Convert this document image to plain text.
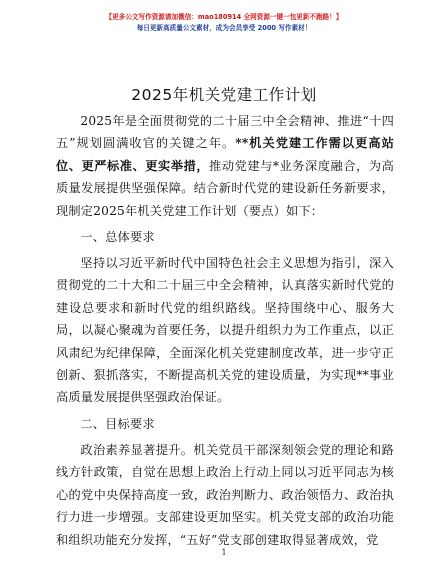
【更多公文写作资源请加微信：mao180914 全网资源一键一包更新不跑路！】
每日更新高质量公文素材，成为会员享受 2000 写作素材！
2025年机关党建工作计划

2025年是全面贯彻党的二十届三中全会精神、推进“十四五”规划圆满收官的关键之年。**机关党建工作需以更高站位、更严标准、更实举措，推动党建与*业务深度融合，为高质量发展提供坚强保障。结合新时代党的建设新任务新要求，现制定2025年机关党建工作计划（要点）如下：

一、总体要求

坚持以习近平新时代中国特色社会主义思想为指引，深入贯彻党的二十大和二十届三中全会精神，认真落实新时代党的建设总要求和新时代党的组织路线。坚持围绕中心、服务大局，以凝心聚魂为首要任务，以提升组织力为工作重点，以正风肃纪为纪律保障，全面深化机关党建制度改革，进一步守正创新、狠抓落实，不断提高机关党的建设质量，为实现**事业高质量发展提供坚强政治保证。

二、目标要求

政治素养显著提升。机关党员干部深刻领会党的理论和路线方针政策，自觉在思想上政治上行动上同以习近平同志为核心的党中央保持高度一致，政治判断力、政治领悟力、政治执行力进一步增强。支部建设更加坚实。机关党支部的政治功能和组织功能充分发挥，“五好”党支部创建取得显著成效，党

1
